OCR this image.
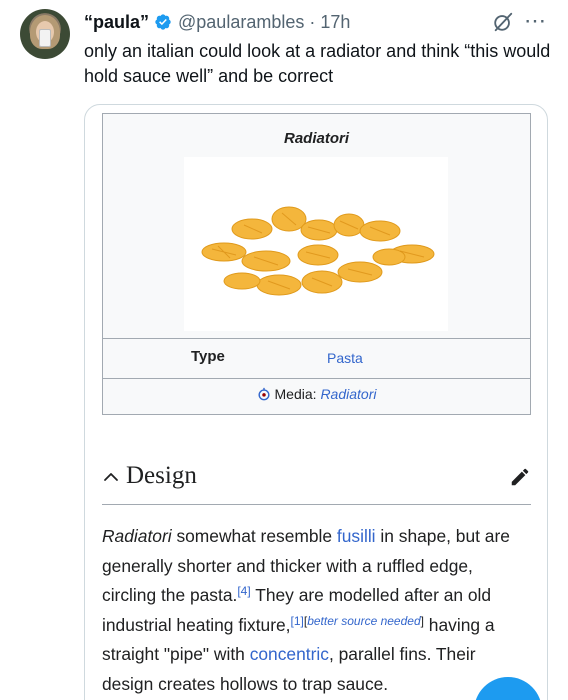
“paula” @paularambles · 17h	⋯
only an italian could look at a radiator and think “this would hold sauce well” and be correct
Radiatori
Type	Pasta
Media: Radiatori
Design
Radiatori somewhat resemble fusilli in shape, but are generally shorter and thicker with a ruffled edge, circling the pasta.[4] They are modelled after an old industrial heating fixture,[1][better source needed] having a straight "pipe" with concentric, parallel fins. Their design creates hollows to trap sauce.
